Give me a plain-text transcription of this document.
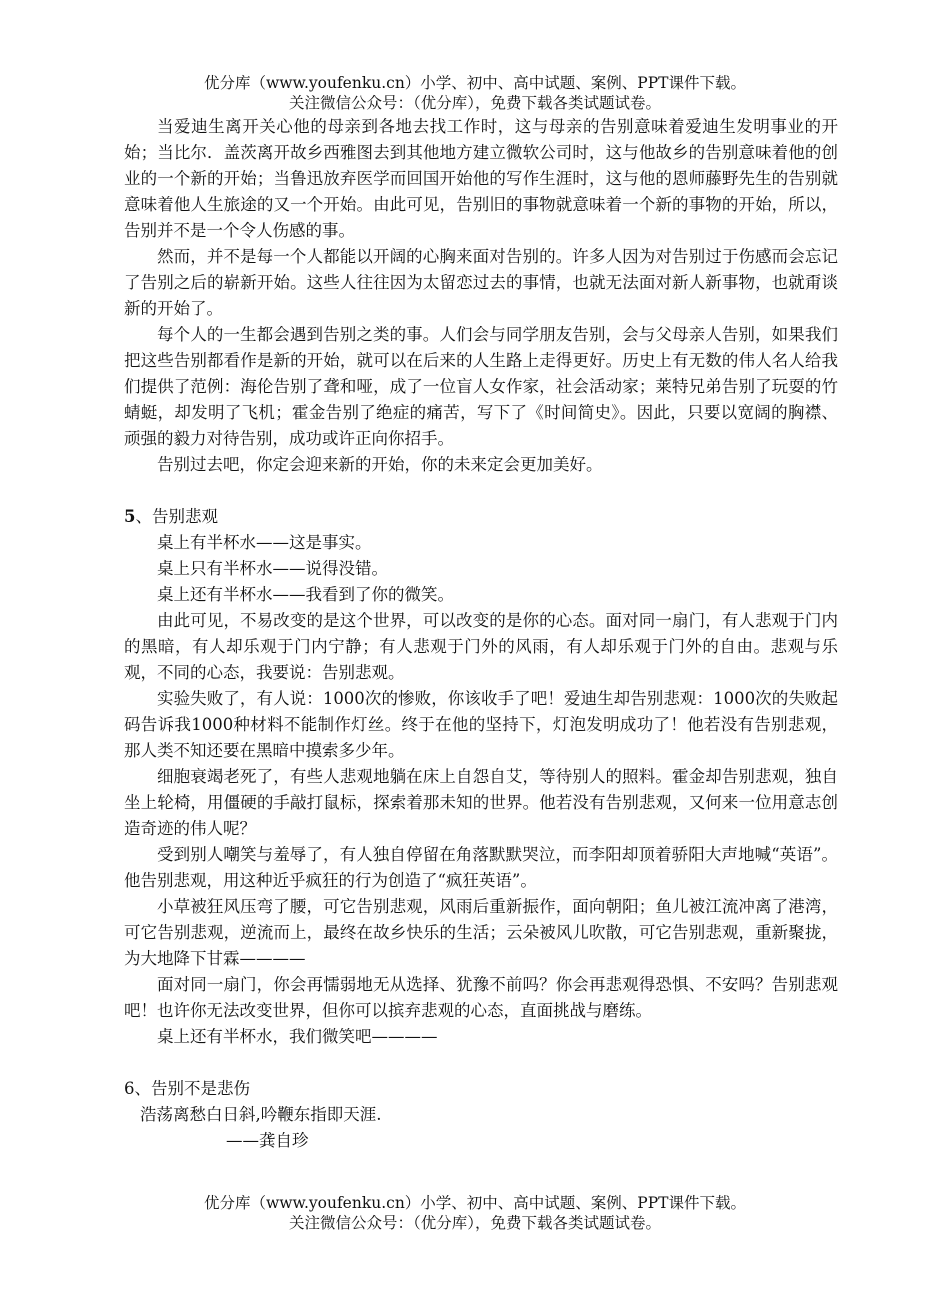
优分库（www.youfenku.cn）小学、初中、高中试题、案例、PPT课件下载。
关注微信公众号：（优分库），免费下载各类试题试卷。

当爱迪生离开关心他的母亲到各地去找工作时，这与母亲的告别意味着爱迪生发明事业的开始；当比尔．盖茨离开故乡西雅图去到其他地方建立微软公司时，这与他故乡的告别意味着他的创业的一个新的开始；当鲁迅放弃医学而回国开始他的写作生涯时，这与他的恩师藤野先生的告别就意味着他人生旅途的又一个开始。由此可见，告别旧的事物就意味着一个新的事物的开始，所以，告别并不是一个令人伤感的事。

然而，并不是每一个人都能以开阔的心胸来面对告别的。许多人因为对告别过于伤感而会忘记了告别之后的崭新开始。这些人往往因为太留恋过去的事情，也就无法面对新人新事物，也就甭谈新的开始了。

每个人的一生都会遇到告别之类的事。人们会与同学朋友告别，会与父母亲人告别，如果我们把这些告别都看作是新的开始，就可以在后来的人生路上走得更好。历史上有无数的伟人名人给我们提供了范例：海伦告别了聋和哑，成了一位盲人女作家，社会活动家；莱特兄弟告别了玩耍的竹蜻蜓，却发明了飞机；霍金告别了绝症的痛苦，写下了《时间简史》。因此，只要以宽阔的胸襟、顽强的毅力对待告别，成功或许正向你招手。

告别过去吧，你定会迎来新的开始，你的未来定会更加美好。

5、告别悲观

桌上有半杯水——这是事实。

桌上只有半杯水——说得没错。

桌上还有半杯水——我看到了你的微笑。

由此可见，不易改变的是这个世界，可以改变的是你的心态。面对同一扇门，有人悲观于门内的黑暗，有人却乐观于门内宁静；有人悲观于门外的风雨，有人却乐观于门外的自由。悲观与乐观，不同的心态，我要说：告别悲观。

实验失败了，有人说：1000次的惨败，你该收手了吧！爱迪生却告别悲观：1000次的失败起码告诉我1000种材料不能制作灯丝。终于在他的坚持下，灯泡发明成功了！他若没有告别悲观，那人类不知还要在黑暗中摸索多少年。

细胞衰竭老死了，有些人悲观地躺在床上自怨自艾，等待别人的照料。霍金却告别悲观，独自坐上轮椅，用僵硬的手敲打鼠标，探索着那未知的世界。他若没有告别悲观，又何来一位用意志创造奇迹的伟人呢？

受到别人嘲笑与羞辱了，有人独自停留在角落默默哭泣，而李阳却顶着骄阳大声地喊“英语”。他告别悲观，用这种近乎疯狂的行为创造了“疯狂英语”。

小草被狂风压弯了腰，可它告别悲观，风雨后重新振作，面向朝阳；鱼儿被江流冲离了港湾，可它告别悲观，逆流而上，最终在故乡快乐的生活；云朵被风儿吹散，可它告别悲观，重新聚拢，为大地降下甘霖————

面对同一扇门，你会再懦弱地无从选择、犹豫不前吗？你会再悲观得恐惧、不安吗？告别悲观吧！也许你无法改变世界，但你可以摈弃悲观的心态，直面挑战与磨练。

桌上还有半杯水，我们微笑吧————

6、告别不是悲伤

浩荡离愁白日斜,吟鞭东指即天涯.

——龚自珍

优分库（www.youfenku.cn）小学、初中、高中试题、案例、PPT课件下载。
关注微信公众号：（优分库），免费下载各类试题试卷。
